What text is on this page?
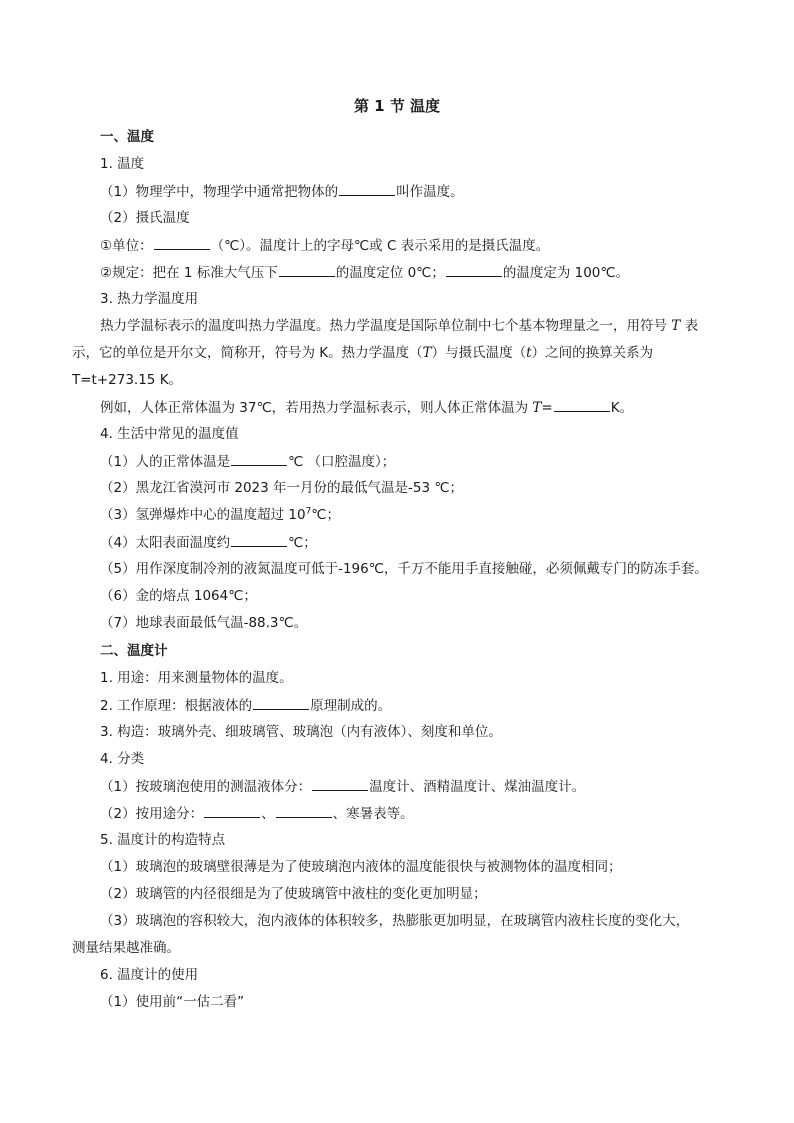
第 1 节 温度
一、温度
1. 温度
（1）物理学中，物理学中通常把物体的	叫作温度。
（2）摄氏温度
①单位：	（℃）。温度计上的字母℃或 C 表示采用的是摄氏温度。
②规定：把在 1 标准大气压下	的温度定位 0℃；	的温度定为 100℃。
3. 热力学温度用
热力学温标表示的温度叫热力学温度。热力学温度是国际单位制中七个基本物理量之一，用符号 T 表
示，它的单位是开尔文，简称开，符号为 K。热力学温度（T）与摄氏温度（t）之间的换算关系为
T=t+273.15 K。
例如，人体正常体温为 37℃，若用热力学温标表示，则人体正常体温为 T=	K。
4. 生活中常见的温度值
（1）人的正常体温是	℃ （口腔温度）；
（2）黑龙江省漠河市 2023 年一月份的最低气温是-53 ℃；
（3）氢弹爆炸中心的温度超过 $10^7℃$；
（4）太阳表面温度约	℃；
（5）用作深度制冷剂的液氮温度可低于-196℃，千万不能用手直接触碰，必须佩戴专门的防冻手套。
（6）金的熔点 1064℃；
（7）地球表面最低气温-88.3℃。
二、温度计
1. 用途：用来测量物体的温度。
2. 工作原理：根据液体的	原理制成的。
3. 构造：玻璃外壳、细玻璃管、玻璃泡（内有液体）、刻度和单位。
4. 分类
（1）按玻璃泡使用的测温液体分：	温度计、酒精温度计、煤油温度计。
（2）按用途分：	、	、寒暑表等。
5. 温度计的构造特点
（1）玻璃泡的玻璃壁很薄是为了使玻璃泡内液体的温度能很快与被测物体的温度相同；
（2）玻璃管的内径很细是为了使玻璃管中液柱的变化更加明显；
（3）玻璃泡的容积较大，泡内液体的体积较多，热膨胀更加明显，在玻璃管内液柱长度的变化大，
测量结果越准确。
6. 温度计的使用
（1）使用前“一估二看”
